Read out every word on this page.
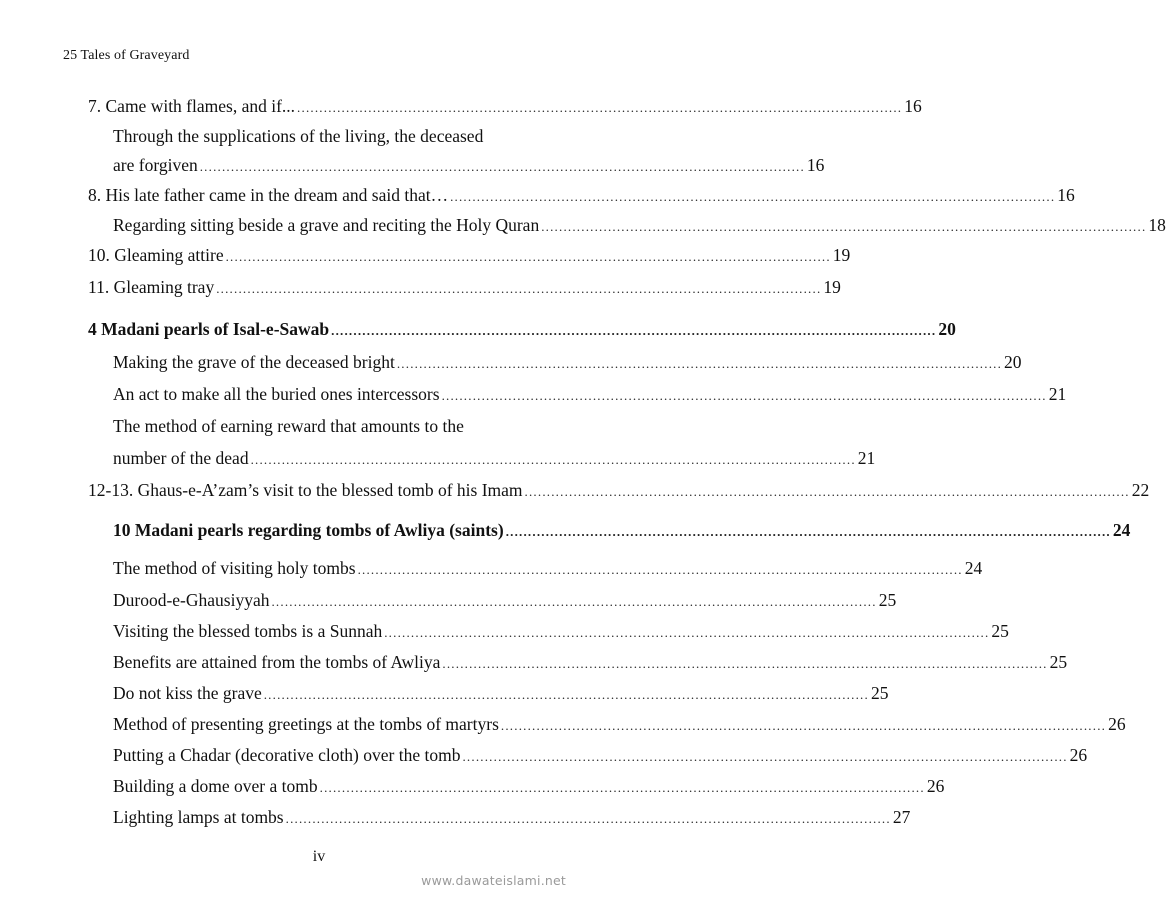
25 Tales of Graveyard
7. Came with flames, and if... ........................................................................................................................................ 16
Through the supplications of the living, the deceased
are forgiven ........................................................................................................................................ 16
8. His late father came in the dream and said that… ........................................................................................................................................ 16
Regarding sitting beside a grave and reciting the Holy Quran ........................................................................................................................................ 18
10. Gleaming attire ........................................................................................................................................ 19
11. Gleaming tray ........................................................................................................................................ 19
4 Madani pearls of Isal-e-Sawab ........................................................................................................................................ 20
Making the grave of the deceased bright ........................................................................................................................................ 20
An act to make all the buried ones intercessors ........................................................................................................................................ 21
The method of earning reward that amounts to the
number of the dead ........................................................................................................................................ 21
12-13. Ghaus-e-A’zam’s visit to the blessed tomb of his Imam ........................................................................................................................................ 22
10 Madani pearls regarding tombs of Awliya (saints) ........................................................................................................................................ 24
The method of visiting holy tombs ........................................................................................................................................ 24
Durood-e-Ghausiyyah ........................................................................................................................................ 25
Visiting the blessed tombs is a Sunnah ........................................................................................................................................ 25
Benefits are attained from the tombs of Awliya ........................................................................................................................................ 25
Do not kiss the grave ........................................................................................................................................ 25
Method of presenting greetings at the tombs of martyrs ........................................................................................................................................ 26
Putting a Chadar (decorative cloth) over the tomb ........................................................................................................................................ 26
Building a dome over a tomb ........................................................................................................................................ 26
Lighting lamps at tombs ........................................................................................................................................ 27
iv
www.dawateislami.net
